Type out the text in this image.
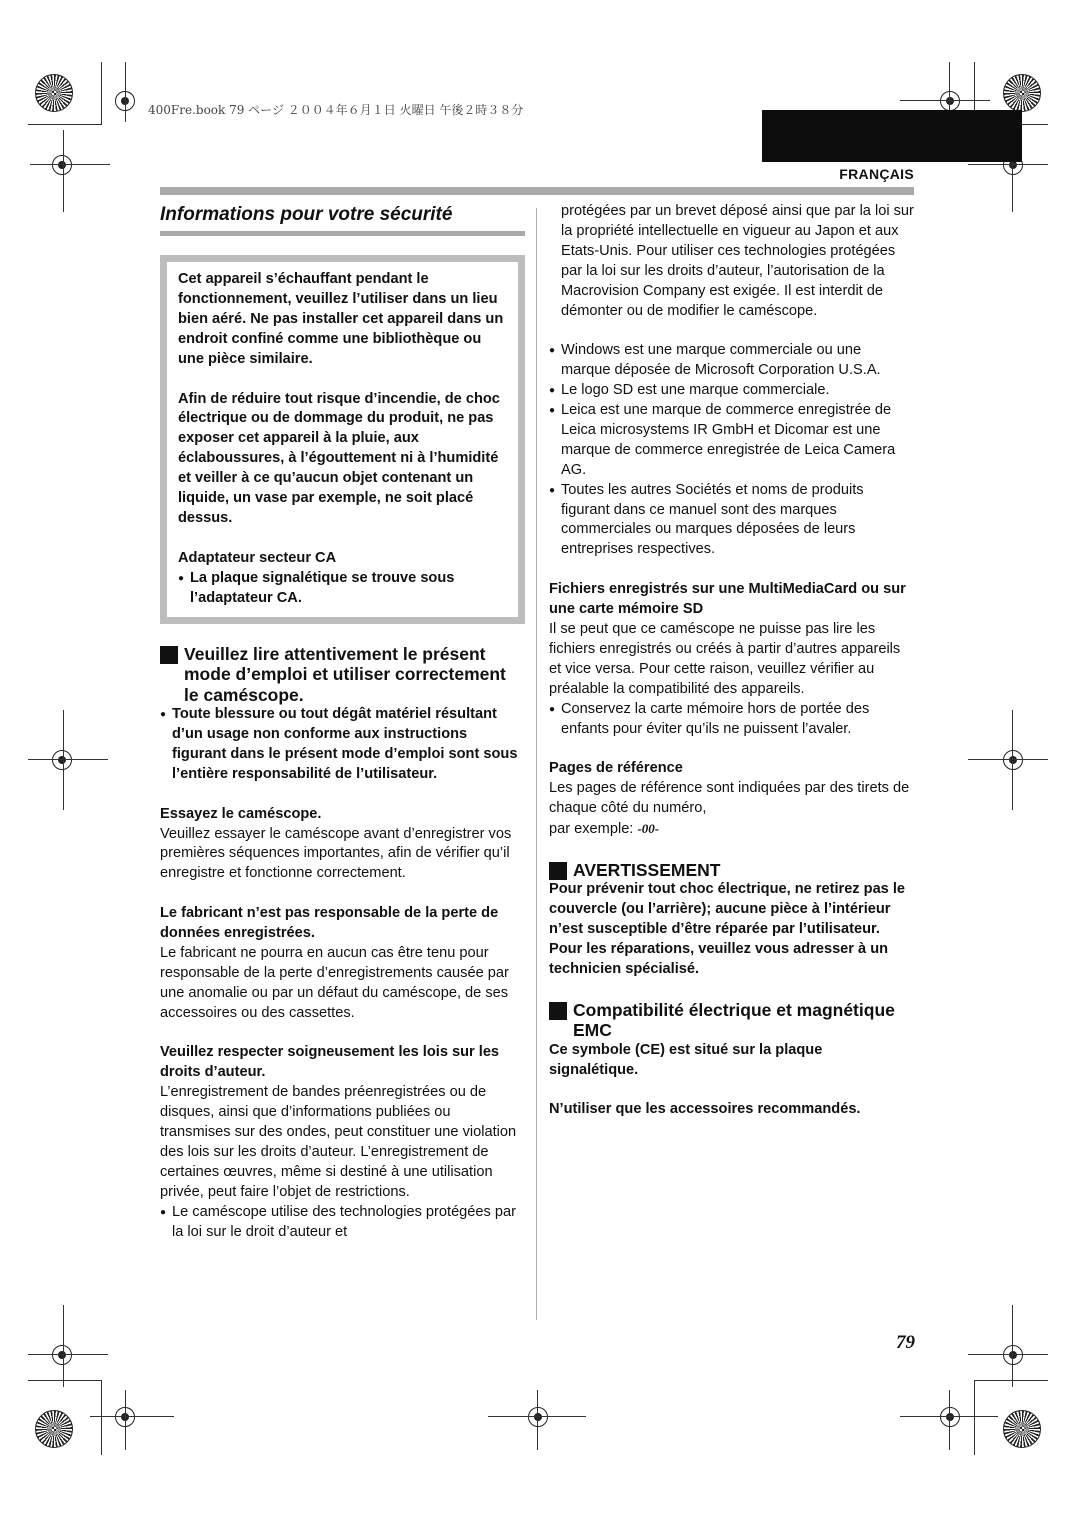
400Fre.book 79 ページ ２００４年６月１日 火曜日 午後２時３８分
FRANÇAIS
Informations pour votre sécurité

Cet appareil s’échauffant pendant le fonctionnement, veuillez l’utiliser dans un lieu bien aéré. Ne pas installer cet appareil dans un endroit confiné comme une bibliothèque ou une pièce similaire.

Afin de réduire tout risque d’incendie, de choc électrique ou de dommage du produit, ne pas exposer cet appareil à la pluie, aux éclaboussures, à l’égouttement ni à l’humidité et veiller à ce qu’aucun objet contenant un liquide, un vase par exemple, ne soit placé dessus.

Adaptateur secteur CA

● La plaque signalétique se trouve sous l’adaptateur CA.

Veuillez lire attentivement le présent mode d’emploi et utiliser correctement le caméscope.

● Toute blessure ou tout dégât matériel résultant d’un usage non conforme aux instructions figurant dans le présent mode d’emploi sont sous l’entière responsabilité de l’utilisateur.

Essayez le caméscope.

Veuillez essayer le caméscope avant d’enregistrer vos premières séquences importantes, afin de vérifier qu’il enregistre et fonctionne correctement.

Le fabricant n’est pas responsable de la perte de données enregistrées.

Le fabricant ne pourra en aucun cas être tenu pour responsable de la perte d’enregistrements causée par une anomalie ou par un défaut du caméscope, de ses accessoires ou des cassettes.

Veuillez respecter soigneusement les lois sur les droits d’auteur.

L’enregistrement de bandes préenregistrées ou de disques, ainsi que d’informations publiées ou transmises sur des ondes, peut constituer une violation des lois sur les droits d’auteur. L’enregistrement de certaines œuvres, même si destiné à une utilisation privée, peut faire l’objet de restrictions.

● Le caméscope utilise des technologies protégées par la loi sur le droit d’auteur et

protégées par un brevet déposé ainsi que par la loi sur la propriété intellectuelle en vigueur au Japon et aux Etats-Unis. Pour utiliser ces technologies protégées par la loi sur les droits d’auteur, l’autorisation de la Macrovision Company est exigée. Il est interdit de démonter ou de modifier le caméscope.

● Windows est une marque commerciale ou une marque déposée de Microsoft Corporation U.S.A.

● Le logo SD est une marque commerciale.

● Leica est une marque de commerce enregistrée de Leica microsystems IR GmbH et Dicomar est une marque de commerce enregistrée de Leica Camera AG.

● Toutes les autres Sociétés et noms de produits figurant dans ce manuel sont des marques commerciales ou marques déposées de leurs entreprises respectives.

Fichiers enregistrés sur une MultiMediaCard ou sur une carte mémoire SD

Il se peut que ce caméscope ne puisse pas lire les fichiers enregistrés ou créés à partir d’autres appareils et vice versa. Pour cette raison, veuillez vérifier au préalable la compatibilité des appareils.

● Conservez la carte mémoire hors de portée des enfants pour éviter qu’ils ne puissent l’avaler.

Pages de référence

Les pages de référence sont indiquées par des tirets de chaque côté du numéro,

par exemple: -00-

AVERTISSEMENT

Pour prévenir tout choc électrique, ne retirez pas le couvercle (ou l’arrière); aucune pièce à l’intérieur n’est susceptible d’être réparée par l’utilisateur.

Pour les réparations, veuillez vous adresser à un technicien spécialisé.

Compatibilité électrique et magnétique EMC

Ce symbole (CE) est situé sur la plaque signalétique.

N’utiliser que les accessoires recommandés.

79
